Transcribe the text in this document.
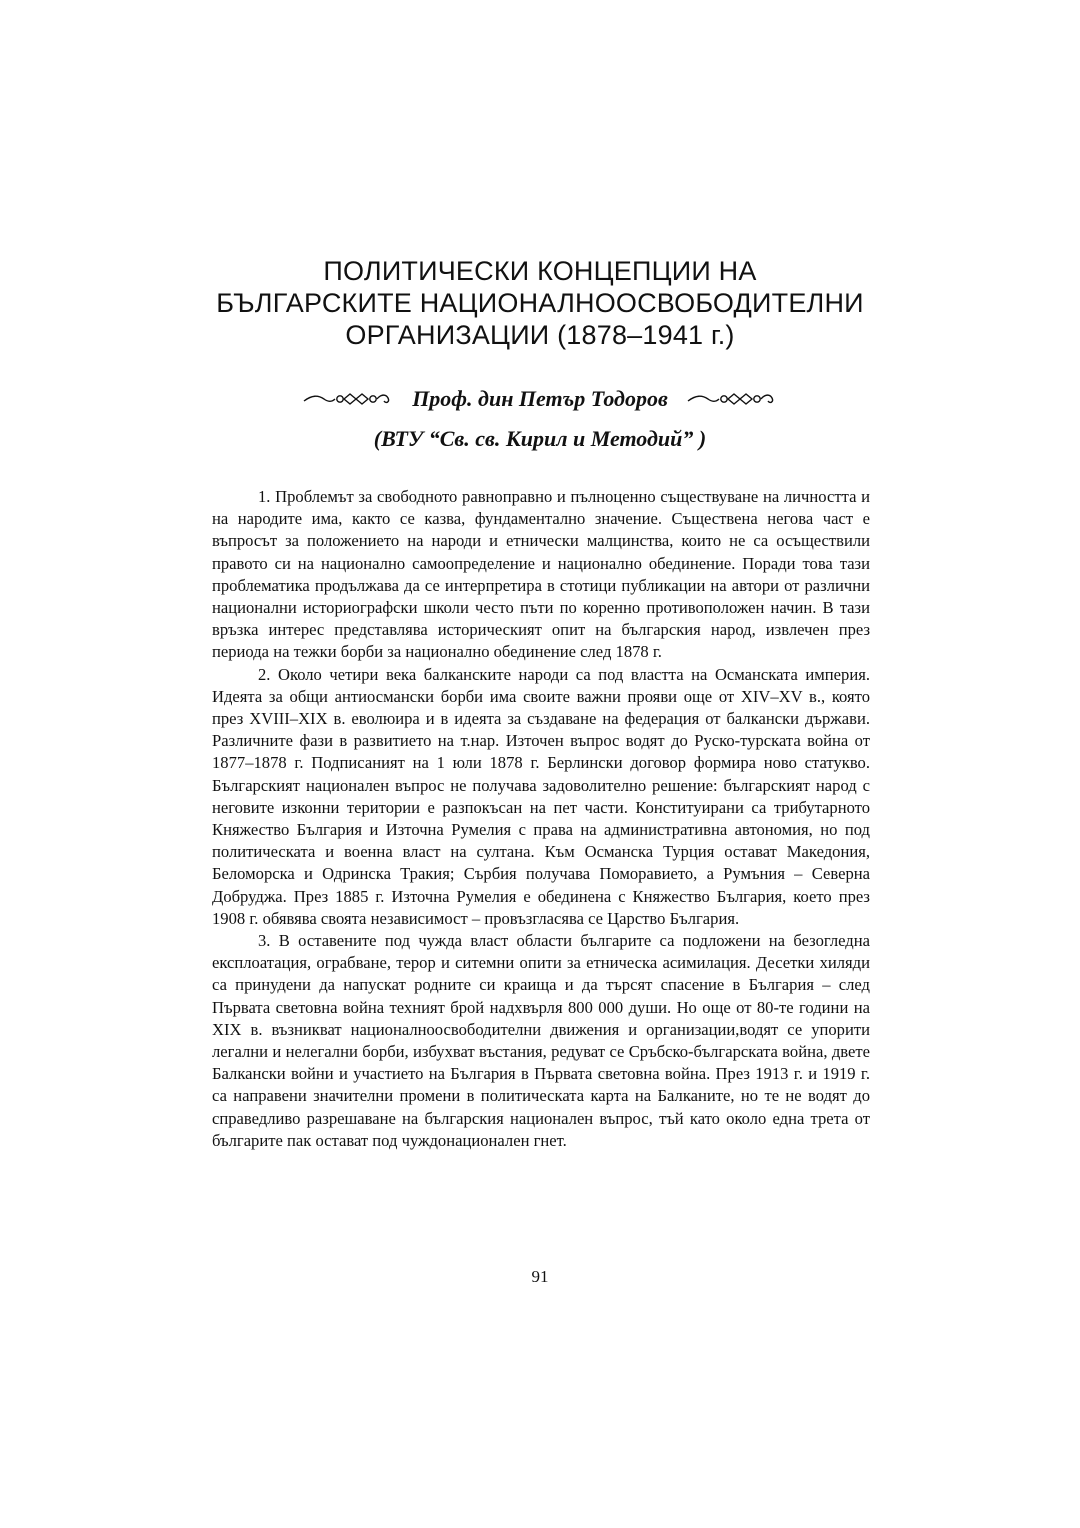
ПОЛИТИЧЕСКИ КОНЦЕПЦИИ НА
БЪЛГАРСКИТЕ НАЦИОНАЛНООСВОБОДИТЕЛНИ
ОРГАНИЗАЦИИ (1878–1941 г.)
Проф. дин Петър Тодоров
(ВТУ “Св. св. Кирил и Методий” )

1. Проблемът за свободното равноправно и пълноценно съществуване на личността и на народите има, както се казва, фундаментално значение. Съществена негова част е въпросът за положението на народи и етнически малцинства, които не са осъществили правото си на национално самоопределение и национално обединение. Поради това тази проблематика продължава да се интерпретира в стотици публикации на автори от различни национални историографски школи често пъти по коренно противоположен начин. В тази връзка интерес представлява историческият опит на българския народ, извлечен през периода на тежки борби за национално обединение след 1878 г.

2. Около четири века балканските народи са под властта на Османската империя. Идеята за общи антиосмански борби има своите важни прояви още от XIV–XV в., която през XVIII–XIX в. еволюира и в идеята за създаване на федерация от балкански държави. Различните фази в развитието на т.нар. Източен въпрос водят до Руско-турската война от 1877–1878 г. Подписаният на 1 юли 1878 г. Берлински договор формира ново статукво. Българският национален въпрос не получава задоволително решение: българският народ с неговите изконни територии е разпокъсан на пет части. Конституирани са трибутарното Княжество България и Източна Румелия с права на административна автономия, но под политическата и военна власт на султана. Към Османска Турция остават Македония, Беломорска и Одринска Тракия; Сърбия получава Поморавието, а Румъния – Северна Добруджа. През 1885 г. Източна Румелия е обединена с Княжество България, което през 1908 г. обявява своята независимост – провъзгласява се Царство България.

3. В оставените под чужда власт области българите са подложени на безогледна експлоатация, ограбване, терор и ситемни опити за етническа асимилация. Десетки хиляди са принудени да напускат родните си краища и да търсят спасение в България – след Първата световна война техният брой надхвърля 800 000 души. Но още от 80-те години на XIX в. възникват националноосвободителни движения и организации,водят се упорити легални и нелегални борби, избухват въстания, редуват се Сръбско-българската война, двете Балкански войни и участието на България в Първата световна война. През 1913 г. и 1919 г. са направени значителни промени в политическата карта на Балканите, но те не водят до справедливо разрешаване на българския национален въпрос, тъй като около една трета от българите пак остават под чуждонационален гнет.

91
